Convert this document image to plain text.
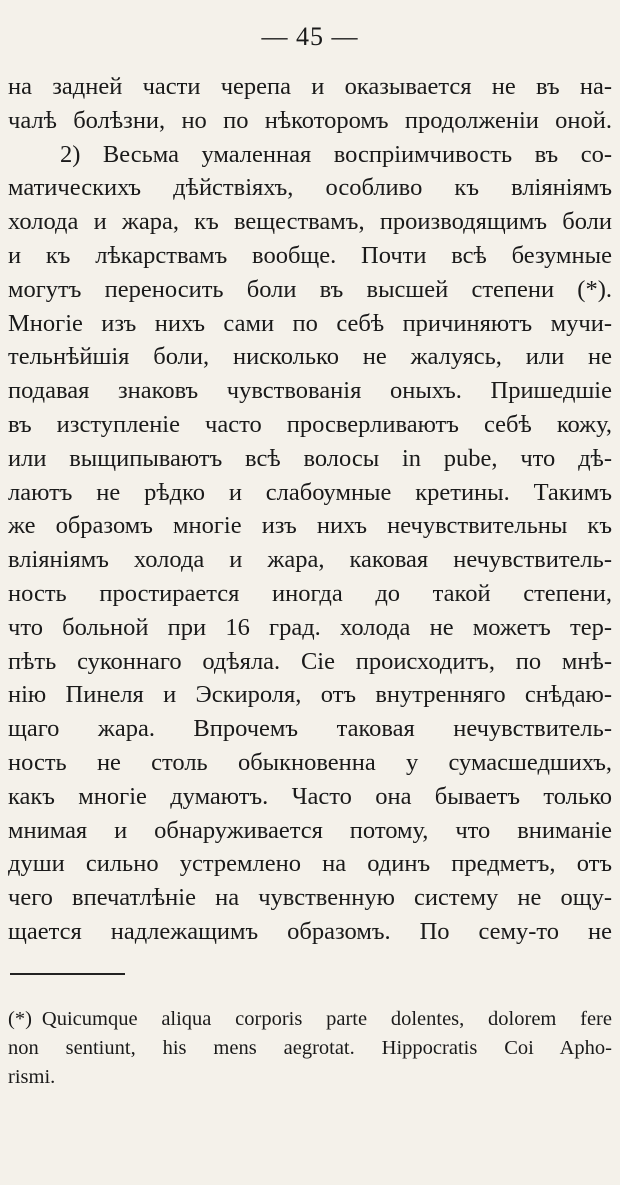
— 45 —
на задней части черепа и оказывается не въ на-
чалѣ болѣзни, но по нѣкоторомъ продолженіи оной.
2) Весьма умаленная воспріимчивость въ со-
матическихъ дѣйствіяхъ, особливо къ вліяніямъ
холода и жара, къ веществамъ, производящимъ боли
и къ лѣкарствамъ вообще. Почти всѣ безумные
могутъ переносить боли въ высшей степени (*).
Многіе изъ нихъ сами по себѣ причиняютъ мучи-
тельнѣйшія боли, нисколько не жалуясь, или не
подавая знаковъ чувствованія оныхъ. Пришедшіе
въ изступленіе часто просверливаютъ себѣ кожу,
или выщипываютъ всѣ волосы in pube, что дѣ-
лаютъ не рѣдко и слабоумные кретины. Такимъ
же образомъ многіе изъ нихъ нечувствительны къ
вліяніямъ холода и жара, каковая нечувствитель-
ность простирается иногда до такой степени,
что больной при 16 град. холода не можетъ тер-
пѣть суконнаго одѣяла. Сіе происходитъ, по мнѣ-
нію Пинеля и Эскироля, отъ внутренняго снѣдаю-
щаго жара. Впрочемъ таковая нечувствитель-
ность не столь обыкновенна у сумасшедшихъ,
какъ многіе думаютъ. Часто она бываетъ только
мнимая и обнаруживается потому, что вниманіе
души сильно устремлено на одинъ предметъ, отъ
чего впечатлѣніе на чувственную систему не ощу-
щается надлежащимъ образомъ. По сему-то не
(*) Quicumque aliqua corporis parte dolentes, dolorem fere
non sentiunt, his mens aegrotat. Hippocratis Coi Apho-
rismi.
